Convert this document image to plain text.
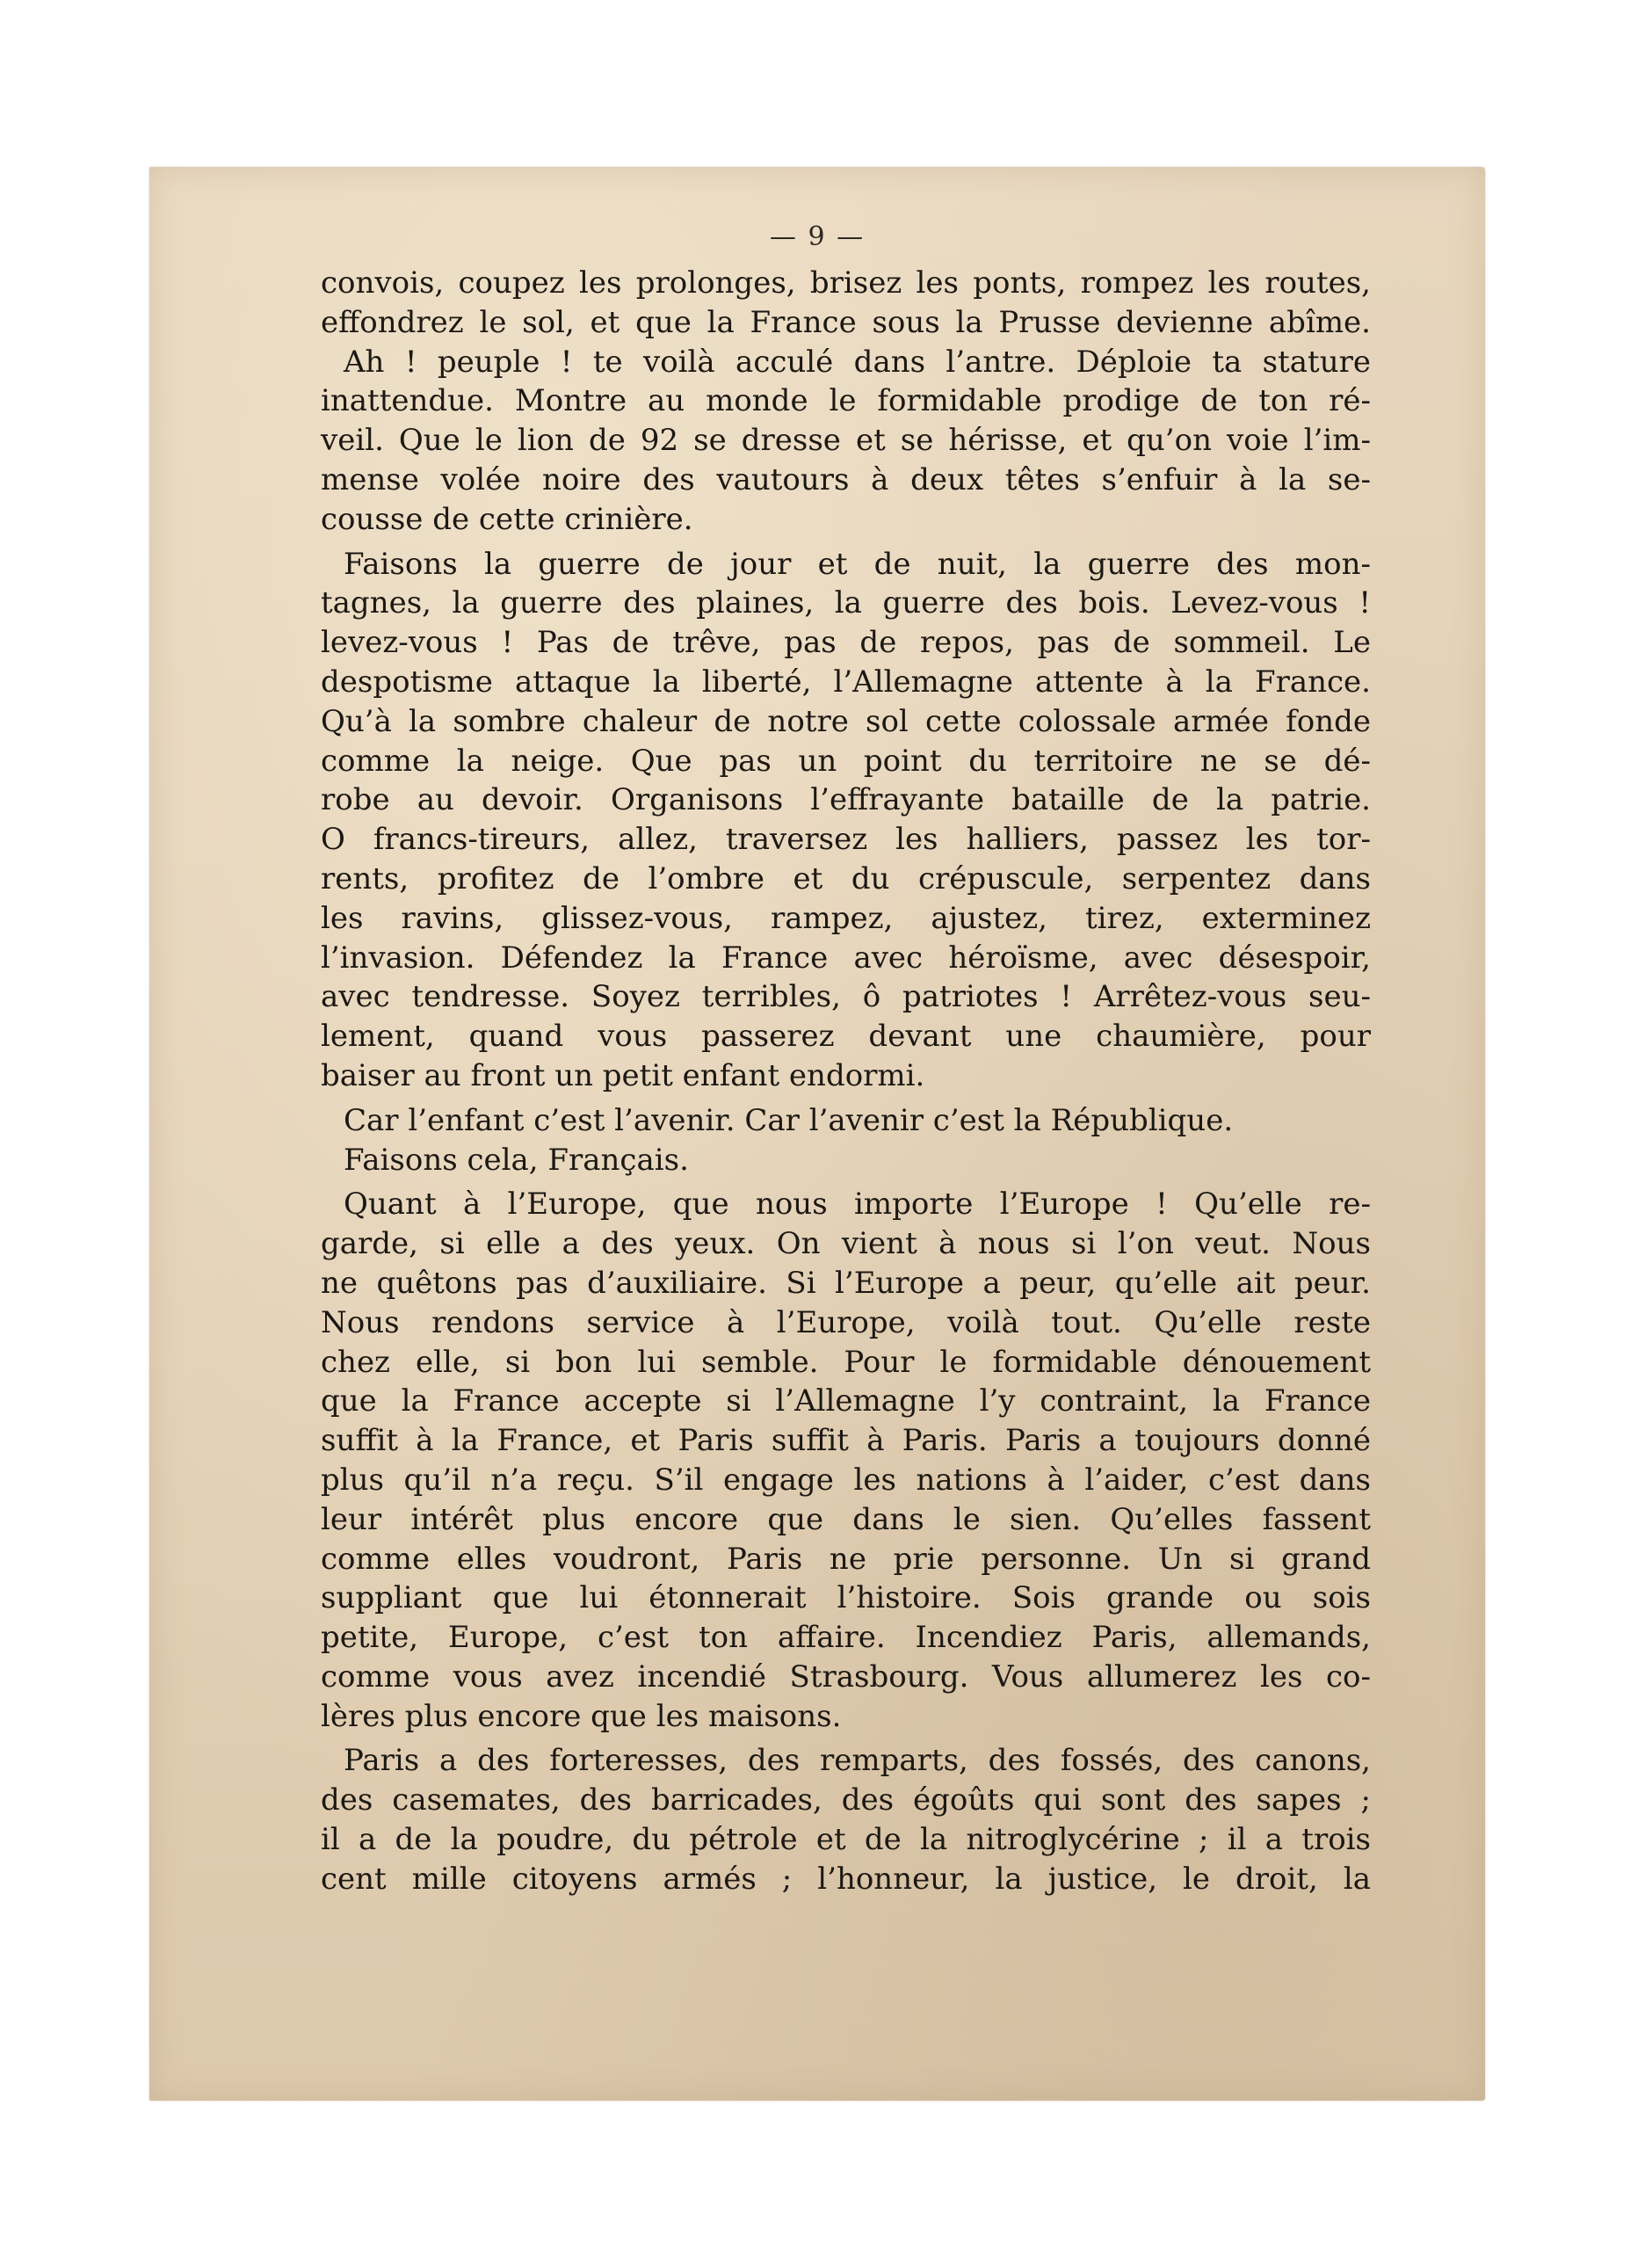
— 9 —
convois, coupez les prolonges, brisez les ponts, rompez les routes,
effondrez le sol, et que la France sous la Prusse devienne abîme.
Ah ! peuple ! te voilà acculé dans l’antre. Déploie ta stature
inattendue. Montre au monde le formidable prodige de ton ré-
veil. Que le lion de 92 se dresse et se hérisse, et qu’on voie l’im-
mense volée noire des vautours à deux têtes s’enfuir à la se-
cousse de cette crinière.
Faisons la guerre de jour et de nuit, la guerre des mon-
tagnes, la guerre des plaines, la guerre des bois. Levez-vous !
levez-vous ! Pas de trêve, pas de repos, pas de sommeil. Le
despotisme attaque la liberté, l’Allemagne attente à la France.
Qu’à la sombre chaleur de notre sol cette colossale armée fonde
comme la neige. Que pas un point du territoire ne se dé-
robe au devoir. Organisons l’effrayante bataille de la patrie.
O francs-tireurs, allez, traversez les halliers, passez les tor-
rents, profitez de l’ombre et du crépuscule, serpentez dans
les ravins, glissez-vous, rampez, ajustez, tirez, exterminez
l’invasion. Défendez la France avec héroïsme, avec désespoir,
avec tendresse. Soyez terribles, ô patriotes ! Arrêtez-vous seu-
lement, quand vous passerez devant une chaumière, pour
baiser au front un petit enfant endormi.
Car l’enfant c’est l’avenir. Car l’avenir c’est la République.
Faisons cela, Français.
Quant à l’Europe, que nous importe l’Europe ! Qu’elle re-
garde, si elle a des yeux. On vient à nous si l’on veut. Nous
ne quêtons pas d’auxiliaire. Si l’Europe a peur, qu’elle ait peur.
Nous rendons service à l’Europe, voilà tout. Qu’elle reste
chez elle, si bon lui semble. Pour le formidable dénouement
que la France accepte si l’Allemagne l’y contraint, la France
suffit à la France, et Paris suffit à Paris. Paris a toujours donné
plus qu’il n’a reçu. S’il engage les nations à l’aider, c’est dans
leur intérêt plus encore que dans le sien. Qu’elles fassent
comme elles voudront, Paris ne prie personne. Un si grand
suppliant que lui étonnerait l’histoire. Sois grande ou sois
petite, Europe, c’est ton affaire. Incendiez Paris, allemands,
comme vous avez incendié Strasbourg. Vous allumerez les co-
lères plus encore que les maisons.
Paris a des forteresses, des remparts, des fossés, des canons,
des casemates, des barricades, des égoûts qui sont des sapes ;
il a de la poudre, du pétrole et de la nitroglycérine ; il a trois
cent mille citoyens armés ; l’honneur, la justice, le droit, la
